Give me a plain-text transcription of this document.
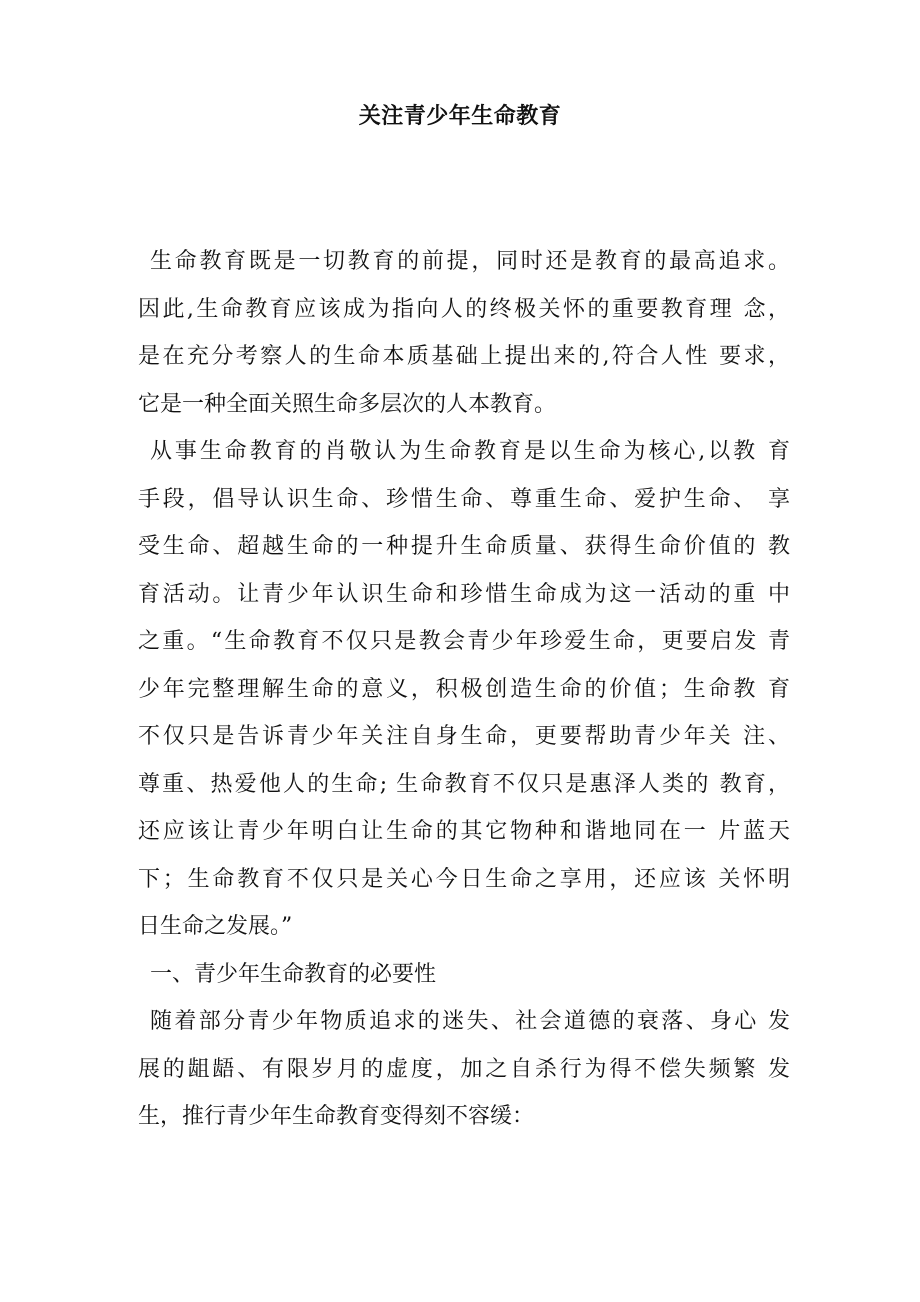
关注青少年生命教育
生命教育既是一切教育的前提，同时还是教育的最高追求。
因此,生命教育应该成为指向人的终极关怀的重要教育理 念，
是在充分考察人的生命本质基础上提出来的,符合人性 要求，
它是一种全面关照生命多层次的人本教育。
从事生命教育的肖敬认为生命教育是以生命为核心,以教 育
手段，倡导认识生命、珍惜生命、尊重生命、爱护生命、 享
受生命、超越生命的一种提升生命质量、获得生命价值的 教
育活动。让青少年认识生命和珍惜生命成为这一活动的重 中
之重。“生命教育不仅只是教会青少年珍爱生命，更要启发 青
少年完整理解生命的意义，积极创造生命的价值；生命教 育
不仅只是告诉青少年关注自身生命，更要帮助青少年关 注、
尊重、热爱他人的生命; 生命教育不仅只是惠泽人类的 教育，
还应该让青少年明白让生命的其它物种和谐地同在一 片蓝天
下；生命教育不仅只是关心今日生命之享用，还应该 关怀明
日生命之发展。”
一、青少年生命教育的必要性
随着部分青少年物质追求的迷失、社会道德的衰落、身心 发
展的龃龉、有限岁月的虚度，加之自杀行为得不偿失频繁 发
生，推行青少年生命教育变得刻不容缓：
